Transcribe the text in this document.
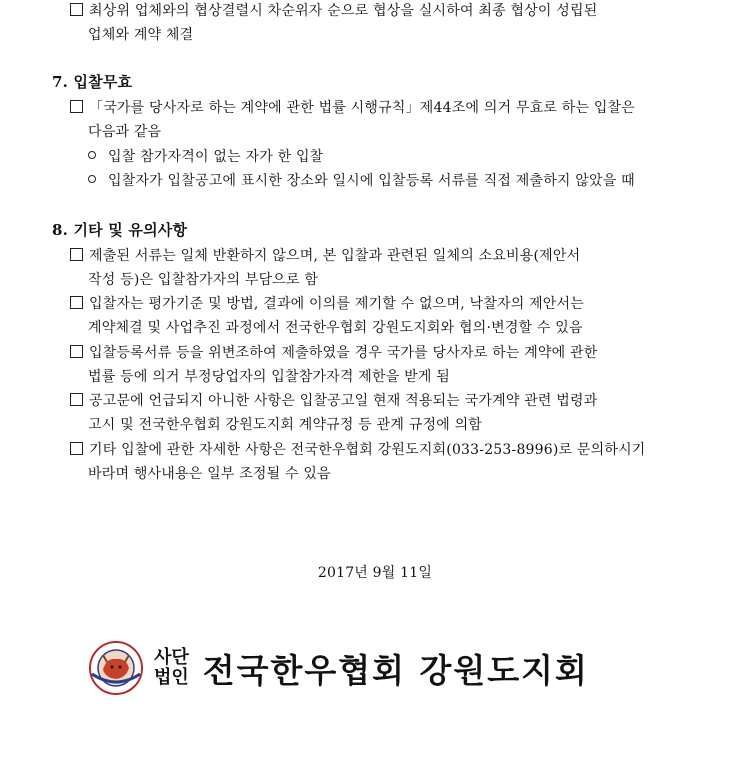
최상위 업체와의 협상결렬시 차순위자 순으로 협상을 실시하여 최종 협상이 성립된
업체와 계약 체결
7. 입찰무효
「국가를 당사자로 하는 계약에 관한 법률 시행규칙」제44조에 의거 무효로 하는 입찰은
다음과 같음
입찰 참가자격이 없는 자가 한 입찰
입찰자가 입찰공고에 표시한 장소와 일시에 입찰등록 서류를 직접 제출하지 않았을 때
8. 기타 및 유의사항
제출된 서류는 일체 반환하지 않으며, 본 입찰과 관련된 일체의 소요비용(제안서
작성 등)은 입찰참가자의 부담으로 함
입찰자는 평가기준 및 방법, 결과에 이의를 제기할 수 없으며, 낙찰자의 제안서는
계약체결 및 사업추진 과정에서 전국한우협회 강원도지회와 협의·변경할 수 있음
입찰등록서류 등을 위변조하여 제출하였을 경우 국가를 당사자로 하는 계약에 관한
법률 등에 의거 부정당업자의 입찰참가자격 제한을 받게 됨
공고문에 언급되지 아니한 사항은 입찰공고일 현재 적용되는 국가계약 관련 법령과
고시 및 전국한우협회 강원도지회 계약규정 등 관계 규정에 의함
기타 입찰에 관한 자세한 사항은 전국한우협회 강원도지회(033-253-8996)로 문의하시기
바라며 행사내용은 일부 조정될 수 있음
2017년 9월 11일
사단
법인 전국한우협회 강원도지회
